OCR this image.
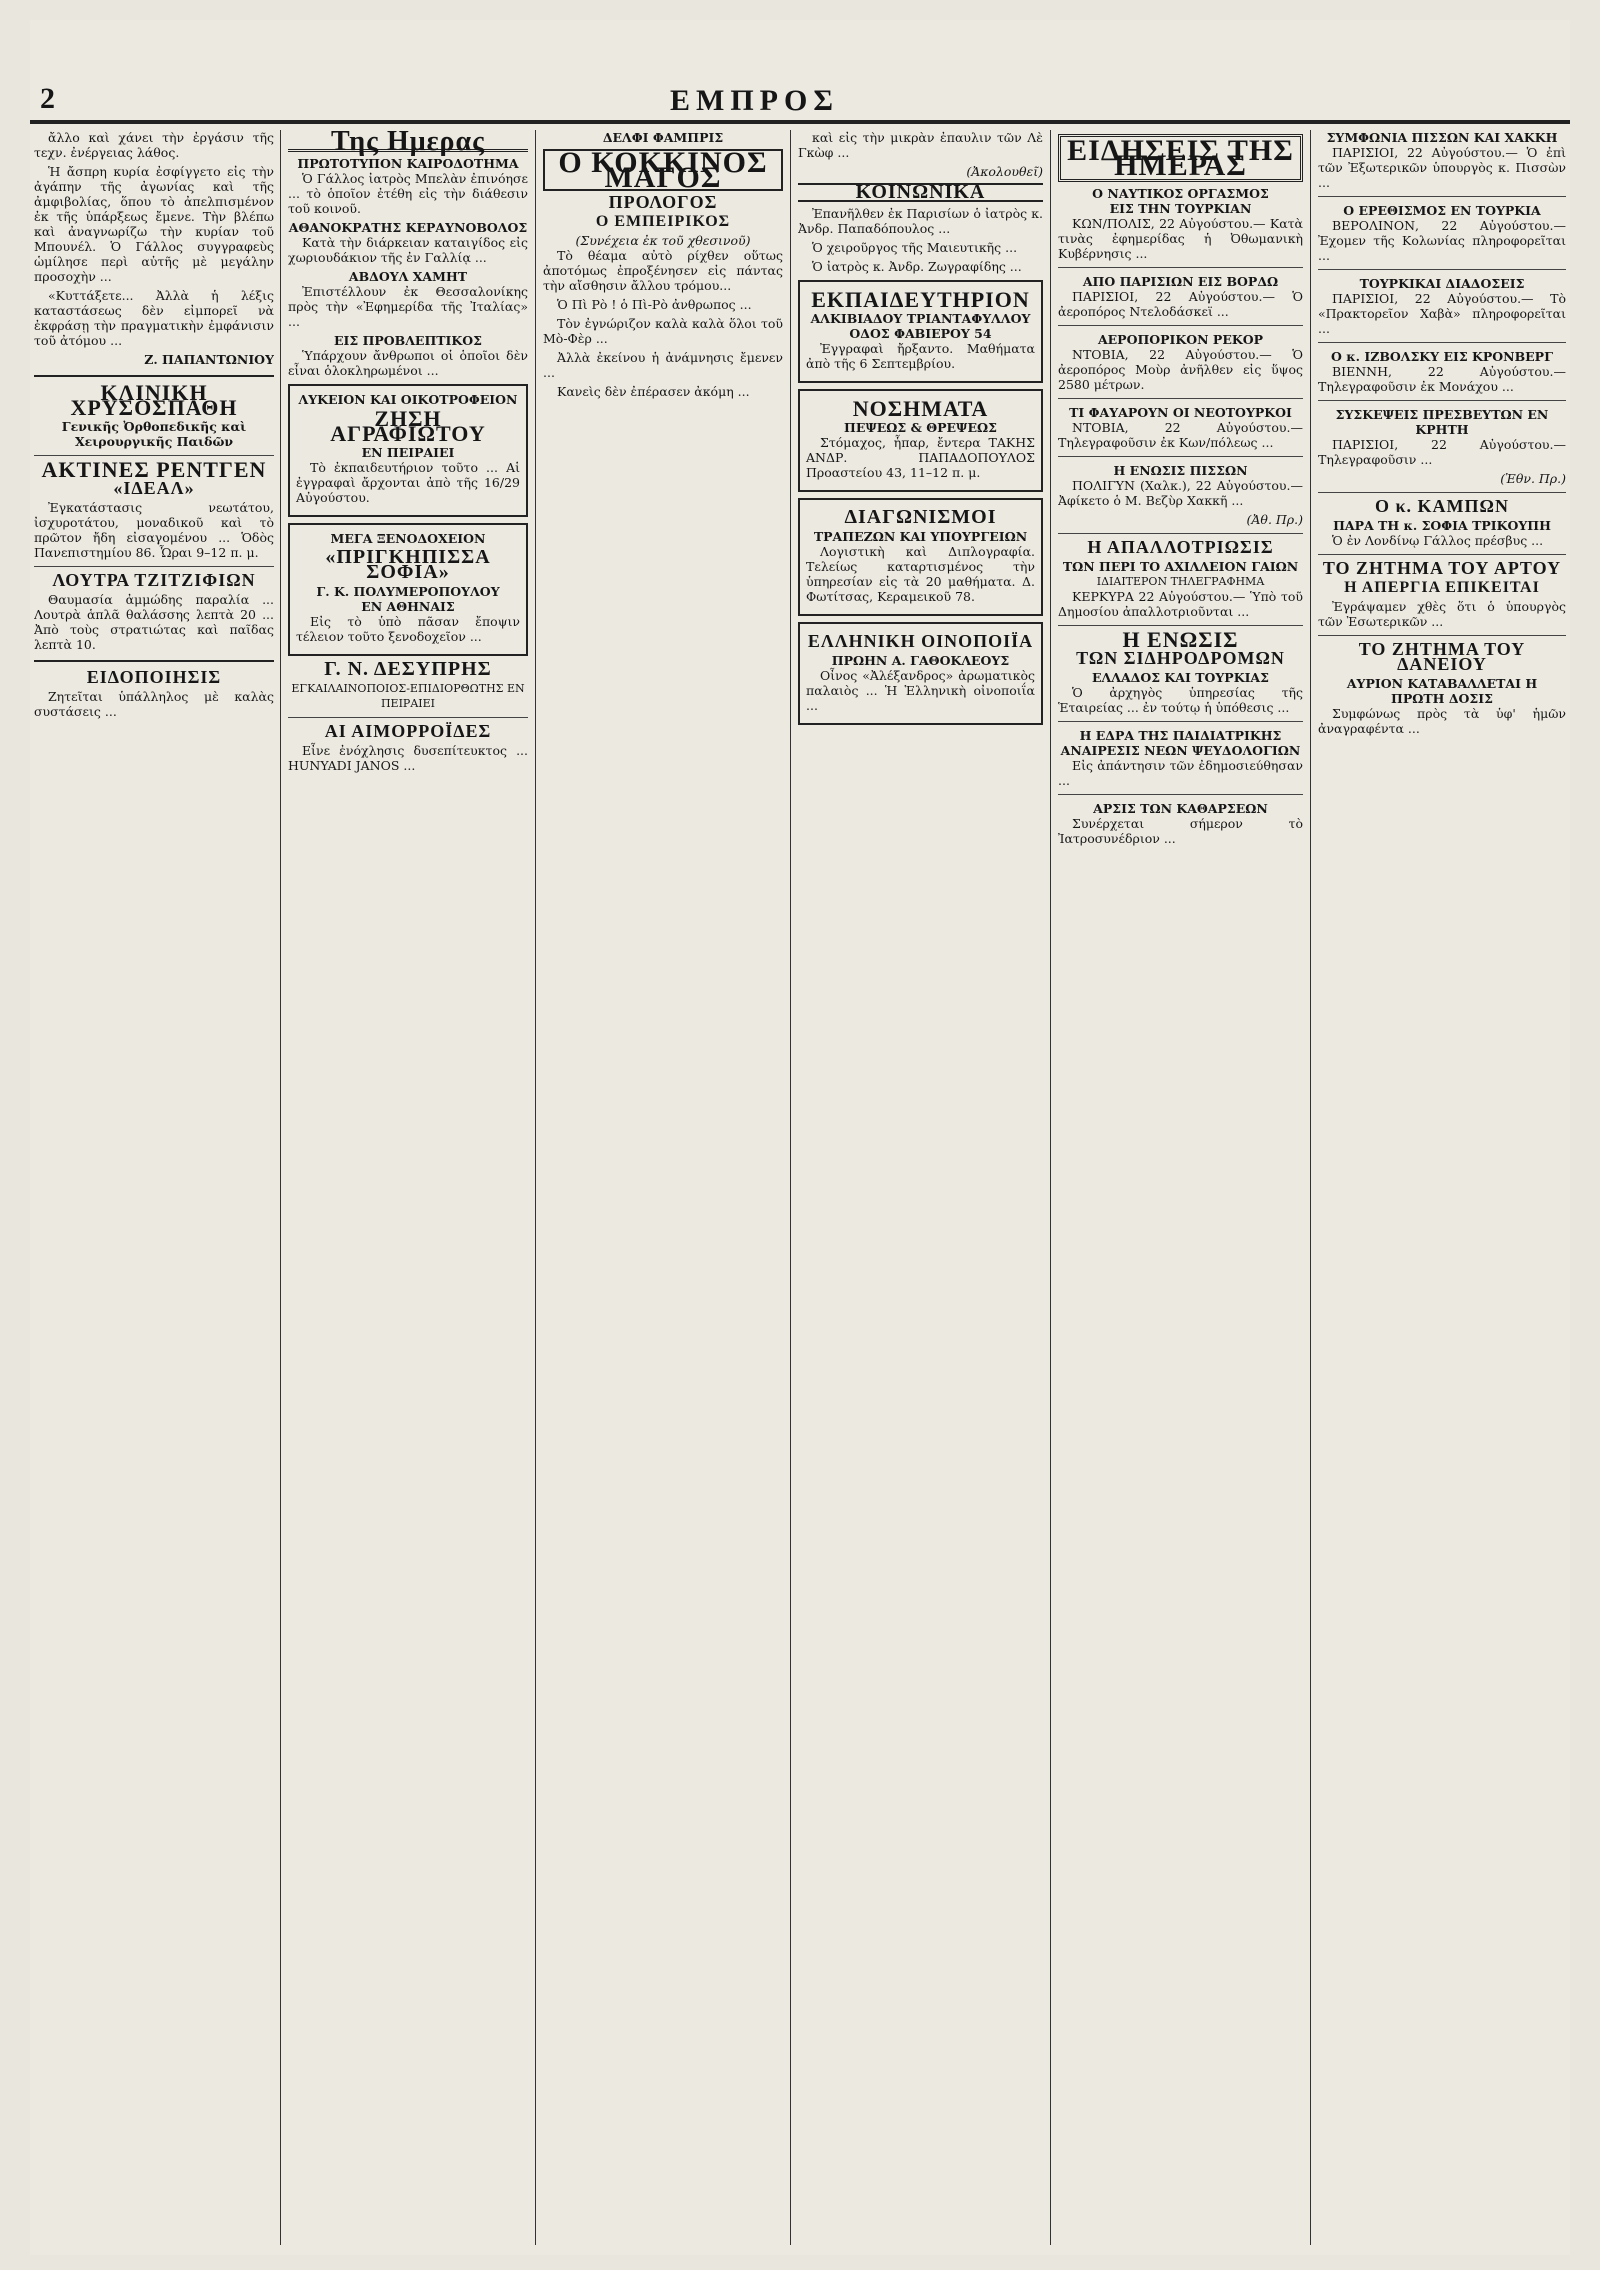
2	ΕΜΠΡΟΣ

ἄλλο καὶ χάνει τὴν ἐργάσιν τῆς τεχν. ἐνέργειας λάθος.

Ἡ ἄσπρη κυρία ἐσφίγγετο εἰς τὴν ἀγάπην τῆς ἀγωνίας καὶ τῆς ἀμφιβολίας, ὅπου τὸ ἀπελπισμένον ἐκ τῆς ὑπάρξεως ἔμενε. Τὴν βλέπω καὶ ἀναγνωρίζω τὴν κυρίαν τοῦ Μπουνέλ. Ὁ Γάλλος συγγραφεὺς ὡμίλησε περὶ αὐτῆς μὲ μεγάλην προσοχὴν ...

«Κυττάξετε... Ἀλλὰ ἡ λέξις καταστάσεως δὲν εἰμπορεῖ νὰ ἐκφράσῃ τὴν πραγματικὴν ἐμφάνισιν τοῦ ἀτόμου ...

Ζ. ΠΑΠΑΝΤΩΝΙΟΥ
ΚΛΙΝΙΚΗ ΧΡΥΣΟΣΠΑΘΗ
Γενικῆς Ὀρθοπεδικῆς καὶ Χειρουργικῆς Παιδῶν
ΑΚΤΙΝΕΣ ΡΕΝΤΓΕΝ
«ΙΔΕΑΛ»

Ἐγκατάστασις νεωτάτου, ἰσχυροτάτου, μοναδικοῦ καὶ τὸ πρῶτον ἤδη εἰσαγομένου ... Ὁδὸς Πανεπιστημίου 86. Ὧραι 9–12 π. μ.

ΛΟΥΤΡΑ ΤΖΙΤΖΙΦΙΩΝ

Θαυμασία ἀμμώδης παραλία ... Λουτρὰ ἁπλᾶ θαλάσσης λεπτὰ 20 ... Ἀπὸ τοὺς στρατιώτας καὶ παῖδας λεπτὰ 10.

ΕΙΔΟΠΟΙΗΣΙΣ

Ζητεῖται ὑπάλληλος μὲ καλὰς συστάσεις ...

Της Ημερας
ΠΡΩΤΟΤΥΠΟΝ ΚΑΙΡΟΔΟΤΗΜΑ

Ὁ Γάλλος ἰατρὸς Μπελὰν ἐπινόησε ... τὸ ὁποῖον ἐτέθη εἰς τὴν διάθεσιν τοῦ κοινοῦ.

ΑΘΑΝΟΚΡΑΤΗΣ ΚΕΡΑΥΝΟΒΟΛΟΣ

Κατὰ τὴν διάρκειαν καταιγίδος εἰς χωριουδάκιον τῆς ἐν Γαλλίᾳ ...

ΑΒΔΟΥΛ ΧΑΜΗΤ

Ἐπιστέλλουν ἐκ Θεσσαλονίκης πρὸς τὴν «Ἐφημερίδα τῆς Ἰταλίας» ...

ΕΙΣ ΠΡΟΒΛΕΠΤΙΚΟΣ

Ὑπάρχουν ἄνθρωποι οἱ ὁποῖοι δὲν εἶναι ὁλοκληρωμένοι ...

ΛΥΚΕΙΟΝ ΚΑΙ ΟΙΚΟΤΡΟΦΕΙΟΝ
ΖΗΣΗ ΑΓΡΑΦΙΩΤΟΥ
ΕΝ ΠΕΙΡΑΙΕΙ

Τὸ ἐκπαιδευτήριον τοῦτο ... Αἱ ἐγγραφαὶ ἄρχονται ἀπὸ τῆς 16/29 Αὐγούστου.

ΜΕΓΑ ΞΕΝΟΔΟΧΕΙΟΝ
«ΠΡΙΓΚΗΠΙΣΣΑ ΣΟΦΙΑ»
Γ. Κ. ΠΟΛΥΜΕΡΟΠΟΥΛΟΥ
ΕΝ ΑΘΗΝΑΙΣ

Εἰς τὸ ὑπὸ πᾶσαν ἔποψιν τέλειον τοῦτο ξενοδοχεῖον ...

Γ. Ν. ΔΕΣΥΠΡΗΣ
ΕΓΚΑΙΛΑΙΝΟΠΟΙΟΣ-ΕΠΙΔΙΟΡΘΩΤΗΣ ΕΝ ΠΕΙΡΑΙΕΙ
ΑΙ ΑΙΜΟΡΡΟΪΔΕΣ

Εἶνε ἐνόχλησις δυσεπίτευκτος ... HUNYADI JANOS ...

ΔΕΛΦΙ ΦΑΜΠΡΙΣ
Ο ΚΟΚΚΙΝΟΣ ΜΑΓΟΣ
ΠΡΟΛΟΓΟΣ
Ο ΕΜΠΕΙΡΙΚΟΣ
(Συνέχεια ἐκ τοῦ χθεσινοῦ)

Τὸ θέαμα αὐτὸ ρίχθεν οὕτως ἀποτόμως ἐπροξένησεν εἰς πάντας τὴν αἴσθησιν ἄλλου τρόμου...

Ὁ Πὶ Ρὸ ! ὁ Πὶ-Ρὸ ἀνθρωπος ...

Τὸν ἐγνώριζον καλὰ καλὰ ὅλοι τοῦ Μὸ-Φὲρ ...

Ἀλλὰ ἐκείνου ἡ ἀνάμνησις ἔμενεν ...

Κανεὶς δὲν ἐπέρασεν ἀκόμη ...

καὶ εἰς τὴν μικρὰν ἐπαυλιν τῶν Λὲ Γκὼφ ...

(Ἀκολουθεῖ)
ΚΟΙΝΩΝΙΚΑ

Ἐπανῆλθεν ἐκ Παρισίων ὁ ἰατρὸς κ. Ἀνδρ. Παπαδόπουλος ...

Ὁ χειροῦργος τῆς Μαιευτικῆς ...

Ὁ ἰατρὸς κ. Ἀνδρ. Ζωγραφίδης ...

ΕΚΠΑΙΔΕΥΤΗΡΙΟΝ
ΑΛΚΙΒΙΑΔΟΥ ΤΡΙΑΝΤΑΦΥΛΛΟΥ
ΟΔΟΣ ΦΑΒΙΕΡΟΥ 54

Ἐγγραφαὶ ἤρξαντο. Μαθήματα ἀπὸ τῆς 6 Σεπτεμβρίου.

ΝΟΣΗΜΑΤΑ
ΠΕΨΕΩΣ & ΘΡΕΨΕΩΣ

Στόμαχος, ἧπαρ, ἔντερα ΤΑΚΗΣ ΑΝΔΡ. ΠΑΠΑΔΟΠΟΥΛΟΣ Προαστείου 43, 11–12 π. μ.

ΔΙΑΓΩΝΙΣΜΟΙ
ΤΡΑΠΕΖΩΝ ΚΑΙ ΥΠΟΥΡΓΕΙΩΝ

Λογιστικὴ καὶ Διπλογραφία. Τελείως καταρτισμένος τὴν ὑπηρεσίαν εἰς τὰ 20 μαθήματα. Δ. Φωτίτσας, Κεραμεικοῦ 78.

ΕΛΛΗΝΙΚΗ ΟΙΝΟΠΟΙΪΑ
ΠΡΩΗΝ Α. ΓΑΘΟΚΛΕΟΥΣ

Οἶνος «Ἀλέξανδρος» ἀρωματικὸς παλαιὸς ... Ἡ Ἑλληνικὴ οἰνοποιΐα ...

ΕΙΔΗΣΕΙΣ ΤΗΣ ΗΜΕΡΑΣ
Ο ΝΑΥΤΙΚΟΣ ΟΡΓΑΣΜΟΣ
ΕΙΣ ΤΗΝ ΤΟΥΡΚΙΑΝ

ΚΩΝ/ΠΟΛΙΣ, 22 Αὐγούστου.— Κατὰ τινὰς ἐφημερίδας ἡ Ὀθωμανικὴ Κυβέρνησις ...

ΑΠΟ ΠΑΡΙΣΙΩΝ ΕΙΣ ΒΟΡΔΩ

ΠΑΡΙΣΙΟΙ, 22 Αὐγούστου.— Ὁ ἀεροπόρος Ντελοδάσκεϊ ...

ΑΕΡΟΠΟΡΙΚΟΝ ΡΕΚΟΡ

ΝΤΟΒΙΑ, 22 Αὐγούστου.— Ὁ ἀεροπόρος Μοὺρ ἀνῆλθεν εἰς ὕψος 2580 μέτρων.

ΤΙ ΦΑΥΑΡΟΥΝ ΟΙ ΝΕΟΤΟΥΡΚΟΙ

ΝΤΟΒΙΑ, 22 Αὐγούστου.— Τηλεγραφοῦσιν ἐκ Κων/πόλεως ...

Η ΕΝΩΣΙΣ ΠΙΣΣΩΝ

ΠΟΛΙΓΥΝ (Χαλκ.), 22 Αὐγούστου.— Ἀφίκετο ὁ Μ. Βεζὺρ Χακκῆ ...

(Ἀθ. Πρ.)
Η ΑΠΑΛΛΟΤΡΙΩΣΙΣ
ΤΩΝ ΠΕΡΙ ΤΟ ΑΧΙΛΛΕΙΟΝ ΓΑΙΩΝ
ΙΔΙΑΙΤΕΡΟΝ ΤΗΛΕΓΡΑΦΗΜΑ

ΚΕΡΚΥΡΑ 22 Αὐγούστου.— Ὑπὸ τοῦ Δημοσίου ἀπαλλοτριοῦνται ...

Η ΕΝΩΣΙΣ
ΤΩΝ ΣΙΔΗΡΟΔΡΟΜΩΝ
ΕΛΛΑΔΟΣ ΚΑΙ ΤΟΥΡΚΙΑΣ

Ὁ ἀρχηγὸς ὑπηρεσίας τῆς Ἑταιρείας ... ἐν τούτῳ ἡ ὑπόθεσις ...

Η ΕΔΡΑ ΤΗΣ ΠΑΙΔΙΑΤΡΙΚΗΣ
ΑΝΑΙΡΕΣΙΣ ΝΕΩΝ ΨΕΥΔΟΛΟΓΙΩΝ

Εἰς ἀπάντησιν τῶν ἐδημοσιεύθησαν ...

ΑΡΣΙΣ ΤΩΝ ΚΑΘΑΡΣΕΩΝ

Συνέρχεται σήμερον τὸ Ἰατροσυνέδριον ...

ΣΥΜΦΩΝΙΑ ΠΙΣΣΩΝ ΚΑΙ ΧΑΚΚΗ

ΠΑΡΙΣΙΟΙ, 22 Αὐγούστου.— Ὁ ἐπὶ τῶν Ἐξωτερικῶν ὑπουργὸς κ. Πισσὼν ...

Ο ΕΡΕΘΙΣΜΟΣ ΕΝ ΤΟΥΡΚΙΑ

ΒΕΡΟΛΙΝΟΝ, 22 Αὐγούστου.— Ἐχομεν τῆς Κολωνίας πληροφορεῖται ...

ΤΟΥΡΚΙΚΑΙ ΔΙΑΔΟΣΕΙΣ

ΠΑΡΙΣΙΟΙ, 22 Αὐγούστου.— Τὸ «Πρακτορεῖον Χαβὰ» πληροφορεῖται ...

Ο κ. ΙΖΒΟΛΣΚΥ ΕΙΣ ΚΡΟΝΒΕΡΓ

ΒΙΕΝΝΗ, 22 Αὐγούστου.— Τηλεγραφοῦσιν ἐκ Μονάχου ...

ΣΥΣΚΕΨΕΙΣ ΠΡΕΣΒΕΥΤΩΝ ΕΝ ΚΡΗΤΗ

ΠΑΡΙΣΙΟΙ, 22 Αὐγούστου.— Τηλεγραφοῦσιν ...

(Ἐθν. Πρ.)
Ο κ. ΚΑΜΠΩΝ
ΠΑΡΑ ΤΗ κ. ΣΟΦΙΑ ΤΡΙΚΟΥΠΗ

Ὁ ἐν Λονδίνῳ Γάλλος πρέσβυς ...

ΤΟ ΖΗΤΗΜΑ ΤΟΥ ΑΡΤΟΥ
Η ΑΠΕΡΓΙΑ ΕΠΙΚΕΙΤΑΙ

Ἐγράψαμεν χθὲς ὅτι ὁ ὑπουργὸς τῶν Ἐσωτερικῶν ...

ΤΟ ΖΗΤΗΜΑ ΤΟΥ ΔΑΝΕΙΟΥ
ΑΥΡΙΟΝ ΚΑΤΑΒΑΛΛΕΤΑΙ Η ΠΡΩΤΗ ΔΟΣΙΣ

Συμφώνως πρὸς τὰ ὑφ' ἡμῶν ἀναγραφέντα ...
